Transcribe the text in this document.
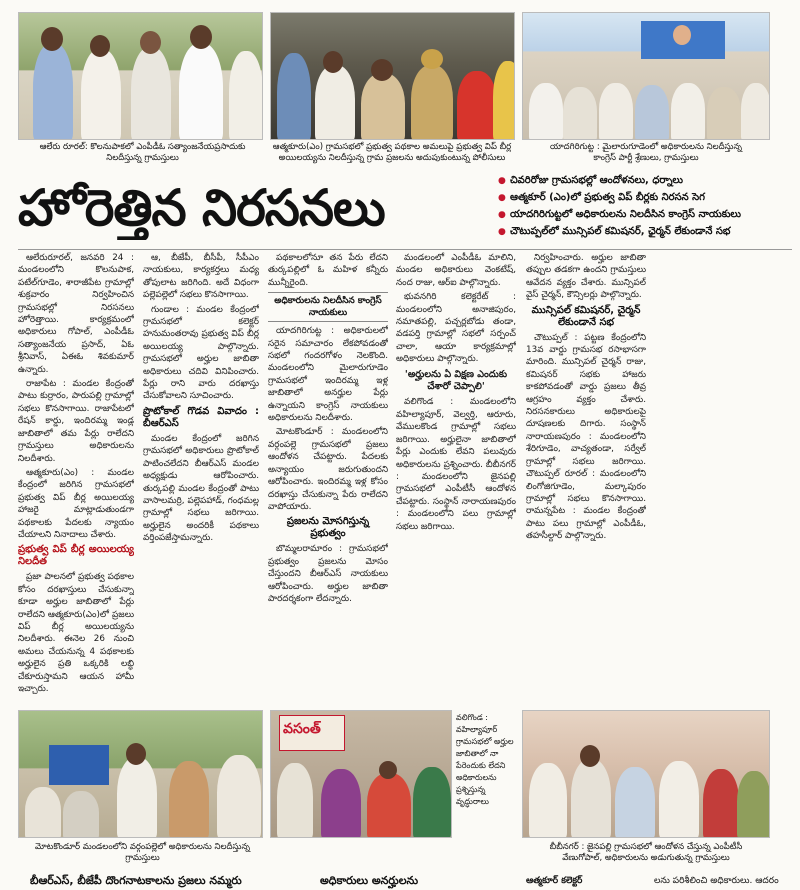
ఆలేరు రూరల్: కొలనుపాకలో ఎంపీడీఓ సత్యాంజనేయప్రసాదుకు నిలదీస్తున్న గ్రామస్తులు
ఆత్మకూరు(ఎం) గ్రామసభలో ప్రభుత్వ పథకాల అమలుపై ప్రభుత్వ విప్ బీర్ల అయిలయ్యను నిలదీస్తున్న గ్రామ ప్రజలను అదుపుకుంటున్న పోలీసులు
యాదగిరిగుట్ట : మైలారుగూడెంలో అధికారులను నిలదీస్తున్న కాంగ్రెస్ పార్టీ శ్రేణులు, గ్రామస్తులు
హోరెత్తిన నిరసనలు
●	చివరిరోజు గ్రామసభల్లో ఆందోళనలు, ధర్నాలు
● ఆత్మకూర్ (ఎం)లో ప్రభుత్వ విప్ బీర్లకు నిరసన సెగ
● యాదగిరిగుట్టలో అధికారులను నిలదీసిన కాంగ్రెస్ నాయకులు
● చౌటుప్పల్‌లో మున్సిపల్ కమిషనర్, ఛైర్మన్ లేకుండానే సభ

ఆలేరురూరల్, జనవరి 24 : మండలంలోని కొలనుపాక, పటేల్‌గూడెం, శారాజీపేట గ్రామాల్లో శుక్రవారం నిర్వహించిన గ్రామసభల్లో నిరసనలు హోరెత్తాయి. కార్యక్రమంలో అధికారులు గోపాల్, ఎంపీడీఓ సత్యాంజనేయ ప్రసాద్, ఏఓ శ్రీనివాస్, ఏఈఓ శివకుమార్ ఉన్నారు.

రాజాపేట : మండల కేంద్రంతో పాటు కుర్రారం, పారుపల్లి గ్రామాల్లో సభలు కొనసాగాయి. రాజాపేటలో రేషన్ కార్డు, ఇందిరమ్మ ఇండ్ల జాబితాలో తమ పేర్లు రాలేదని గ్రామస్తులు అధికారులను నిలదీశారు.

ఆత్మకూరు(ఎం) : మండల కేంద్రంలో జరిగిన గ్రామసభలో ప్రభుత్వ విప్ బీర్ల అయిలయ్య హాజరై మాట్లాడుతుండగా పథకాలకు పేదలకు న్యాయం చేయాలని నినాదాలు చేశారు.

ప్రభుత్వ విప్ బీర్ల అయిలయ్య నిలదీత

ప్రజా పాలనలో ప్రభుత్వ పథకాల కోసం దరఖాస్తులు చేసుకున్నా కూడా అర్హుల జాబితాలో పేర్లు రాలేదని ఆత్మకూరు(ఎం)లో ప్రజలు విప్ బీర్ల అయిలయ్యను నిలదీశారు. ఈనెల 26 నుంచి అమలు చేయనున్న 4 పథకాలకు అర్హులైన ప్రతి ఒక్కరికి లబ్ధి చేకూరుస్తామని ఆయన హామీ ఇచ్చారు.

ఆ, బీజేపీ, బీసీపీ, సీపీఎం నాయకులు, కార్యకర్తలు మధ్య తోపులాట జరిగింది. అదే విధంగా పల్లెపల్లెలో సభలు కొనసాగాయి.

గుండాల : మండల కేంద్రంలో గ్రామసభలో కలెక్టర్ హనుమంతరావు ప్రభుత్వ విప్ బీర్ల అయిలయ్య పాల్గొన్నారు. గ్రామసభలో అర్హుల జాబితా అధికారులు చదివి వినిపించారు. పేర్లు రాని వారు దరఖాస్తు చేసుకోవాలని సూచించారు.

ప్రొటోకాల్ గొడవ వివాదం : బీఆర్ఎస్

మండల కేంద్రంలో జరిగిన గ్రామసభలో అధికారులు ప్రొటోకాల్ పాటించలేదని బీఆర్ఎస్ మండల అధ్యక్షుడు ఆరోపించారు. తుర్కపల్లి మండల కేంద్రంతో పాటు వాసాలమర్రి, పల్లెపహాడ్, గంధమల్ల గ్రామాల్లో సభలు జరిగాయి. అర్హులైన అందరికీ పథకాలు వర్తింపజేస్తామన్నారు.

పథకాలలోనూ తన పేరు లేదని తుర్కపల్లిలో ఓ మహిళ కన్నీరు మున్నీరైంది.

అధికారులను నిలదీసిన కాంగ్రెస్ నాయకులు

యాదగిరిగుట్ట : అధికారులలో సరైన సమాచారం లేకపోవడంతో సభలో గందరగోళం నెలకొంది. మండలంలోని మైలారుగూడెం గ్రామసభలో ఇందిరమ్మ ఇళ్ల జాబితాలో అనర్హుల పేర్లు ఉన్నాయని కాంగ్రెస్ నాయకులు అధికారులను నిలదీశారు.

మోటకొండూర్ : మండలంలోని వర్గంపల్లె గ్రామసభలో ప్రజలు ఆందోళన చేపట్టారు. పేదలకు అన్యాయం జరుగుతుందని ఆరోపించారు. ఇందిరమ్మ ఇళ్ల కోసం దరఖాస్తు చేసుకున్నా పేరు రాలేదని వాపోయారు.

ప్రజలను మోసగిస్తున్న ప్రభుత్వం

బొమ్మలరామారం : గ్రామసభలో ప్రభుత్వం ప్రజలను మోసం చేస్తుందని బీఆర్ఎస్ నాయకులు ఆరోపించారు. అర్హుల జాబితా పారదర్శకంగా లేదన్నారు.

మండలంలో ఎంపీడీఓ మాలిని, మండల అధికారులు వెంకటేష్, నంద రాజు, ఆర్ఐ పాల్గొన్నారు.

భువనగిరి కలెక్టరేట్ : మండలంలోని అనాజిపురం, నమాతపల్లి, పచ్చర్లబోడు తండా, వడపర్తి గ్రామాల్లో సభలో సర్పంచ్ చాలా, ఆయా కార్యక్రమాల్లో అధికారులు పాల్గొన్నారు.

'అర్హులను ఏ విక్షణ ఎందుకు చేశారో చెప్పాలి'

వలిగొండ : మండలంలోని వహిల్యాపూర్, వెల్వర్తి, ఆరూరు, వేములకొండ గ్రామాల్లో సభలు జరిగాయి. అర్హులైనా జాబితాలో పేర్లు ఎందుకు లేవని పలువురు అధికారులను ప్రశ్నించారు. బీబీనగర్ : మండలంలోని జైనపల్లి గ్రామసభలో ఎంపీటీసీ ఆందోళన చేపట్టారు. సంస్థాన్ నారాయణపురం : మండలంలోని పలు గ్రామాల్లో సభలు జరిగాయి.

నిర్వహించారు. అర్హుల జాబితా తప్పుల తడకగా ఉందని గ్రామస్తులు ఆవేదన వ్యక్తం చేశారు. మున్సిపల్ వైస్ చైర్మన్, కౌన్సిలర్లు పాల్గొన్నారు.

మున్సిపల్ కమిషనర్, చైర్మన్ లేకుండానే సభ

చౌటుప్పల్ : పట్టణ కేంద్రంలోని 13వ వార్డు గ్రామసభ రసాభాసగా మారింది. మున్సిపల్ చైర్మన్ రాజు, కమిషనర్ సభకు హాజరు కాకపోవడంతో వార్డు ప్రజలు తీవ్ర ఆగ్రహం వ్యక్తం చేశారు. నిరసనకారులు అధికారులపై దూషణలకు దిగారు. సంస్థాన్ నారాయణపురం : మండలంలోని శేరిగూడెం, వాచ్యతండా, సర్వేల్ గ్రామాల్లో సభలు జరిగాయి. చౌటుప్పల్ రూరల్ : మండలంలోని లింగోజిగూడెం, మల్కాపురం గ్రామాల్లో సభలు కొనసాగాయి. రామన్నపేట : మండల కేంద్రంతో పాటు పలు గ్రామాల్లో ఎంపీడీఓ, తహసీల్దార్ పాల్గొన్నారు.

మోటకొండూర్ మండలంలోని వర్గంపల్లెలో అధికారులను నిలదీస్తున్న గ్రామస్తులు
వసంత్
వలిగొండ : వహిల్యాపూర్ గ్రామసభలో అర్హుల జాబితాలో నా పేరెందుకు లేదని అధికారులను ప్రశ్నిస్తున్న వృద్ధురాలు
బీబీనగర్ : జైనపల్లి గ్రామసభలో ఆందోళన చేస్తున్న ఎంపీటీసీ వేణుగోపాల్, అధికారులను అడుగుతున్న గ్రామస్తులు
బీఆర్ఎస్, బీజేపీ దొంగనాటకాలను ప్రజలు నమ్మరు	అధికారులు అనర్హులను	ఆత్మకూర్ కలెక్టర్	లను పరిశీలించి అధికారులు. ఆదరం
